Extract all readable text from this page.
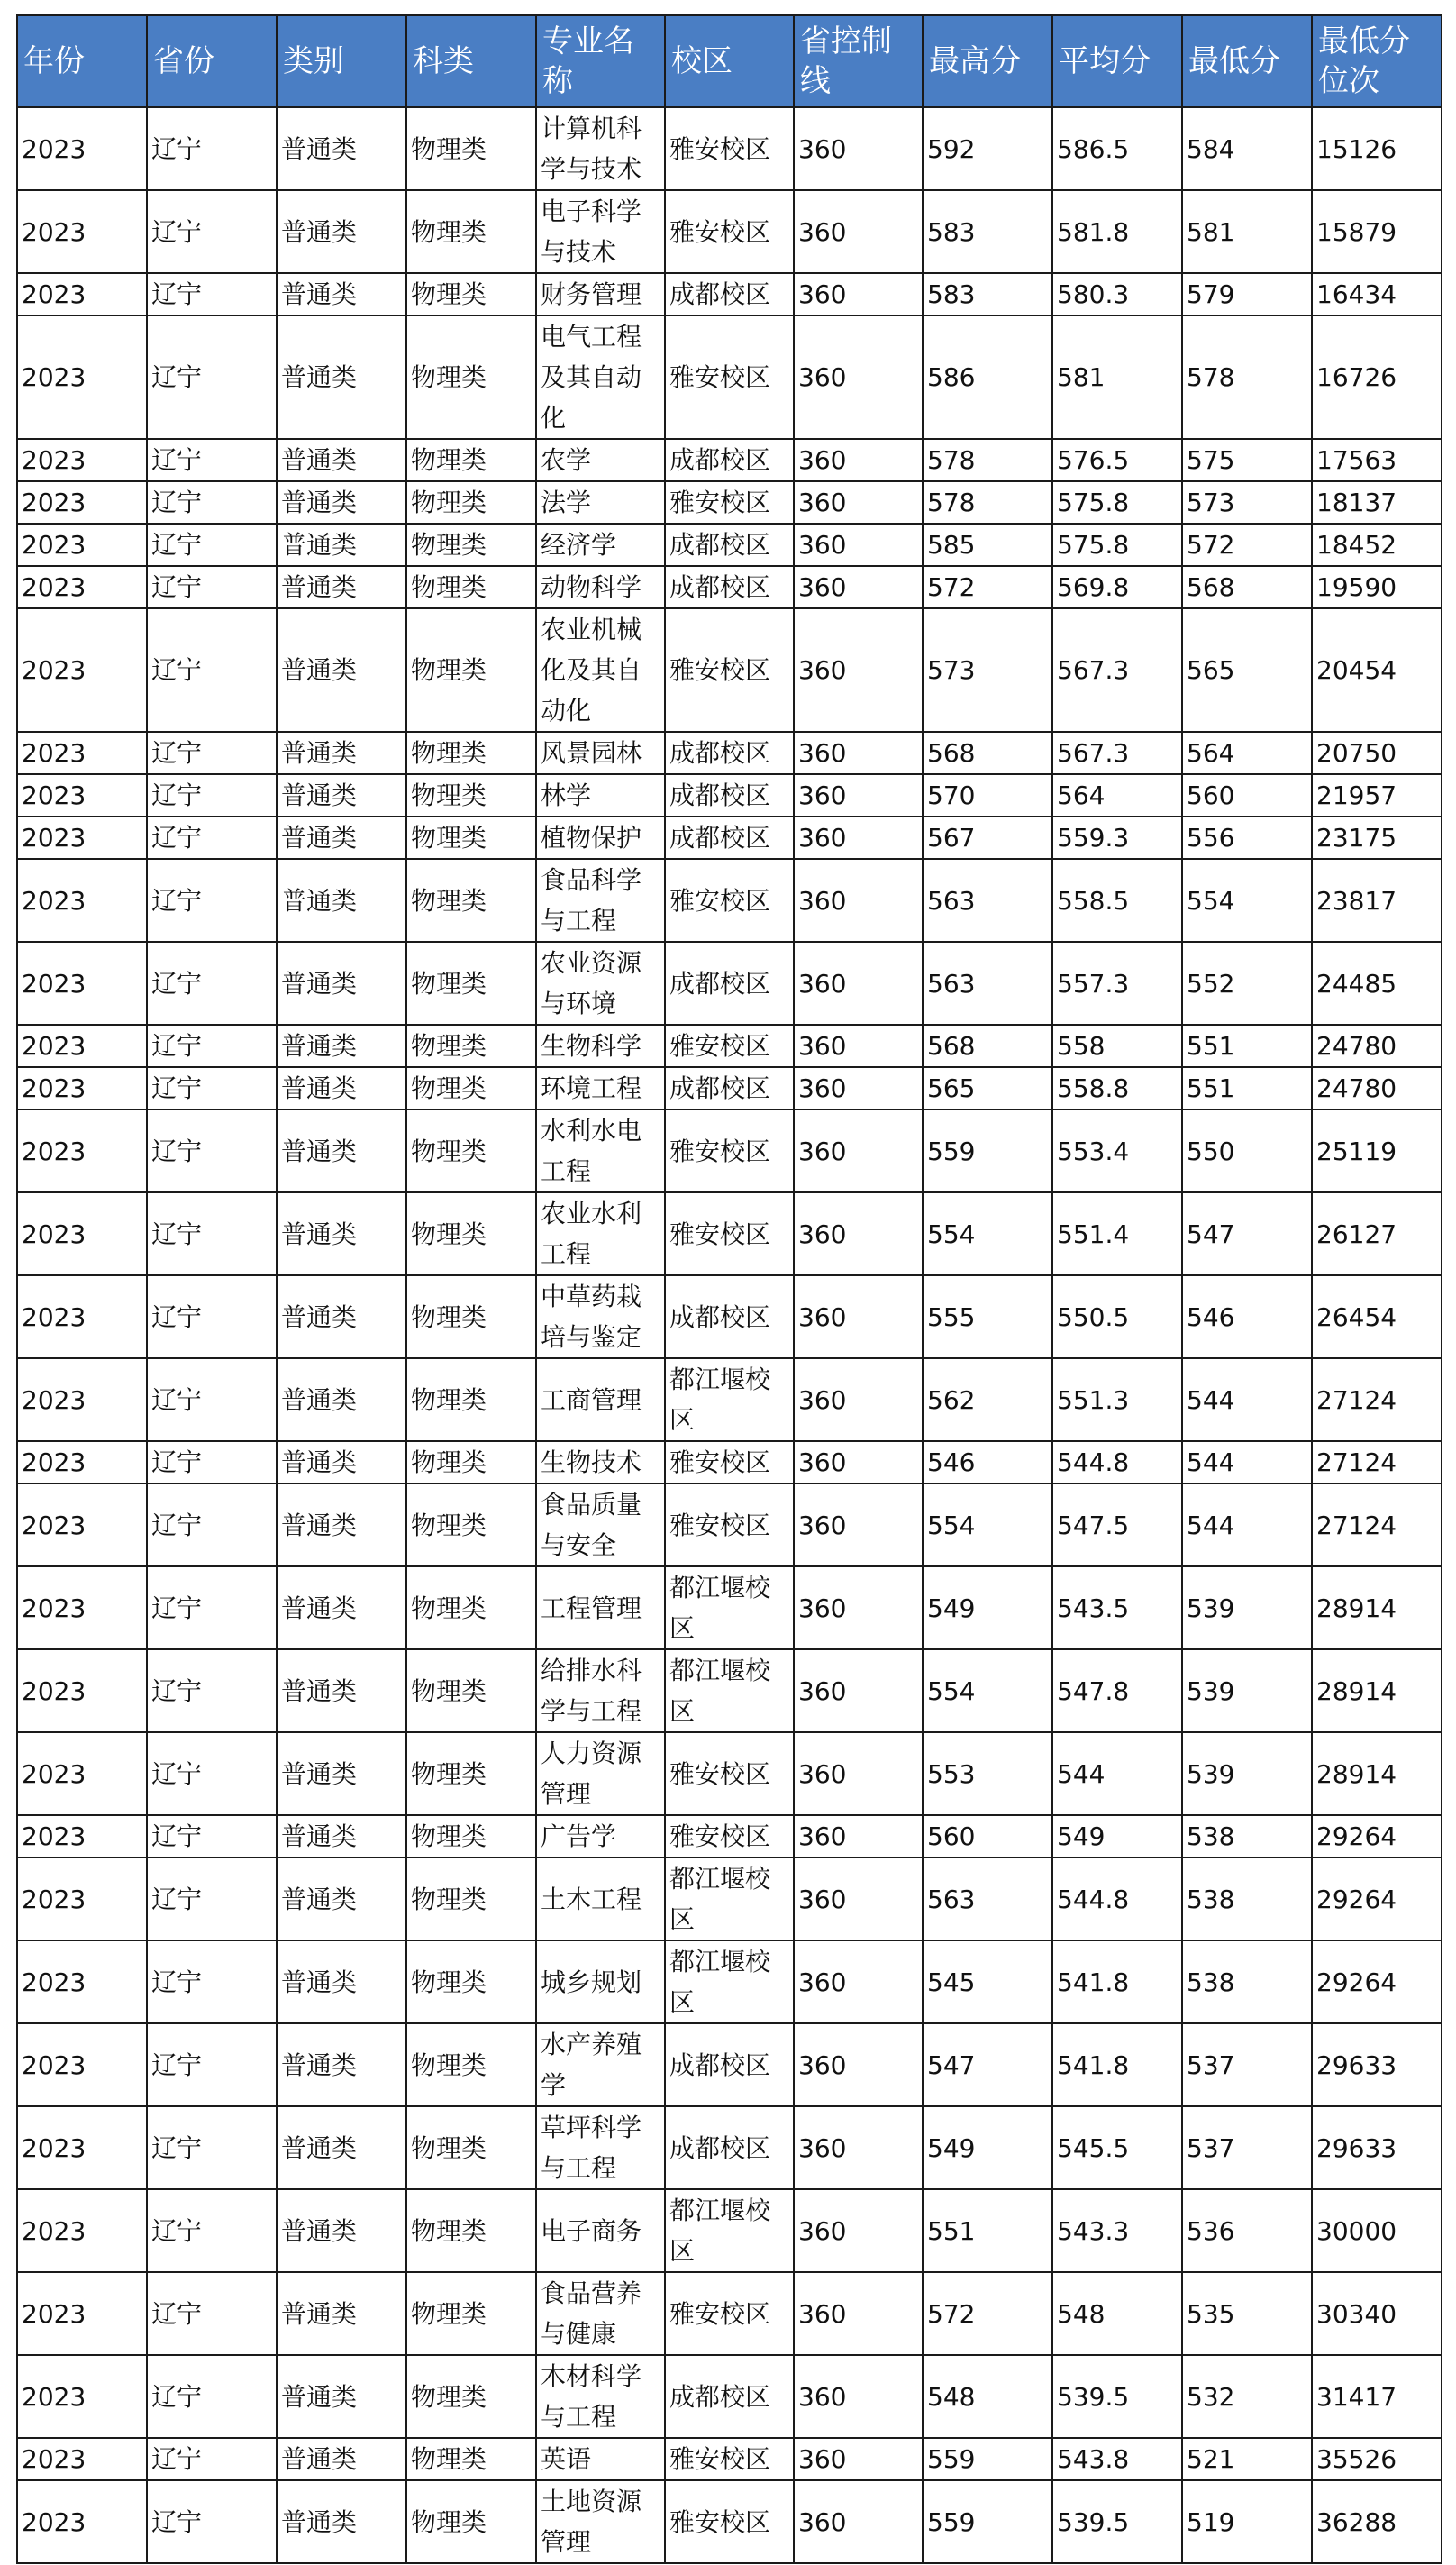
年份	省份	类别	科类	专业名称	校区	省控制线	最高分	平均分	最低分	最低分位次
2023	辽宁	普通类	物理类	计算机科学与技术	雅安校区	360	592	586.5	584	15126
2023	辽宁	普通类	物理类	电子科学与技术	雅安校区	360	583	581.8	581	15879
2023	辽宁	普通类	物理类	财务管理	成都校区	360	583	580.3	579	16434
2023	辽宁	普通类	物理类	电气工程及其自动化	雅安校区	360	586	581	578	16726
2023	辽宁	普通类	物理类	农学	成都校区	360	578	576.5	575	17563
2023	辽宁	普通类	物理类	法学	雅安校区	360	578	575.8	573	18137
2023	辽宁	普通类	物理类	经济学	成都校区	360	585	575.8	572	18452
2023	辽宁	普通类	物理类	动物科学	成都校区	360	572	569.8	568	19590
2023	辽宁	普通类	物理类	农业机械化及其自动化	雅安校区	360	573	567.3	565	20454
2023	辽宁	普通类	物理类	风景园林	成都校区	360	568	567.3	564	20750
2023	辽宁	普通类	物理类	林学	成都校区	360	570	564	560	21957
2023	辽宁	普通类	物理类	植物保护	成都校区	360	567	559.3	556	23175
2023	辽宁	普通类	物理类	食品科学与工程	雅安校区	360	563	558.5	554	23817
2023	辽宁	普通类	物理类	农业资源与环境	成都校区	360	563	557.3	552	24485
2023	辽宁	普通类	物理类	生物科学	雅安校区	360	568	558	551	24780
2023	辽宁	普通类	物理类	环境工程	成都校区	360	565	558.8	551	24780
2023	辽宁	普通类	物理类	水利水电工程	雅安校区	360	559	553.4	550	25119
2023	辽宁	普通类	物理类	农业水利工程	雅安校区	360	554	551.4	547	26127
2023	辽宁	普通类	物理类	中草药栽培与鉴定	成都校区	360	555	550.5	546	26454
2023	辽宁	普通类	物理类	工商管理	都江堰校区	360	562	551.3	544	27124
2023	辽宁	普通类	物理类	生物技术	雅安校区	360	546	544.8	544	27124
2023	辽宁	普通类	物理类	食品质量与安全	雅安校区	360	554	547.5	544	27124
2023	辽宁	普通类	物理类	工程管理	都江堰校区	360	549	543.5	539	28914
2023	辽宁	普通类	物理类	给排水科学与工程	都江堰校区	360	554	547.8	539	28914
2023	辽宁	普通类	物理类	人力资源管理	雅安校区	360	553	544	539	28914
2023	辽宁	普通类	物理类	广告学	雅安校区	360	560	549	538	29264
2023	辽宁	普通类	物理类	土木工程	都江堰校区	360	563	544.8	538	29264
2023	辽宁	普通类	物理类	城乡规划	都江堰校区	360	545	541.8	538	29264
2023	辽宁	普通类	物理类	水产养殖学	成都校区	360	547	541.8	537	29633
2023	辽宁	普通类	物理类	草坪科学与工程	成都校区	360	549	545.5	537	29633
2023	辽宁	普通类	物理类	电子商务	都江堰校区	360	551	543.3	536	30000
2023	辽宁	普通类	物理类	食品营养与健康	雅安校区	360	572	548	535	30340
2023	辽宁	普通类	物理类	木材科学与工程	成都校区	360	548	539.5	532	31417
2023	辽宁	普通类	物理类	英语	雅安校区	360	559	543.8	521	35526
2023	辽宁	普通类	物理类	土地资源管理	雅安校区	360	559	539.5	519	36288
